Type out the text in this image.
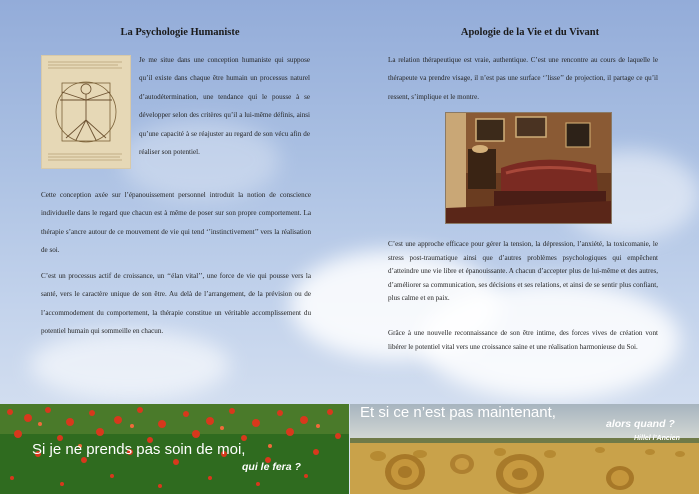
La Psychologie Humaniste

Je me situe dans une conception humaniste qui suppose qu’il existe dans chaque être humain un processus naturel d’autodétermination, une tendance qui le pousse à se développer selon des critères qu’il a lui-même définis, ainsi qu’une capacité à se réajuster au regard de son vécu afin de réaliser son potentiel.

Cette conception axée sur l’épanouissement personnel introduit la notion de conscience individuelle dans le regard que chacun est à même de poser sur son propre comportement. La thérapie s’ancre autour de ce mouvement de vie qui tend ‘’instinctivement’’ vers la réalisation de soi.

C’est un processus actif de croissance, un ‘‘élan vital’’, une force de vie qui pousse vers la santé, vers le caractère unique de son être. Au delà de l’arrangement, de la prévision ou de l’accommodement du comportement, la thérapie constitue un véritable accomplissement du potentiel humain qui sommeille en chacun.

Apologie de la Vie et du Vivant

La relation thérapeutique est vraie, authentique. C’est une rencontre au cours de laquelle le thérapeute va prendre visage, il n’est pas une surface ‘’lisse’’ de projection, il partage ce qu’il ressent, s’implique et le montre.

C’est une approche efficace pour gérer la tension, la dépression, l’anxiété, la toxicomanie, le stress post-traumatique ainsi que d’autres problèmes psychologiques qui empêchent d’atteindre une vie libre et épanouissante. A chacun d’accepter plus de lui-même et des autres, d’améliorer sa communication, ses décisions et ses relations, et ainsi de se sentir plus confiant, plus calme et en paix.

Grâce à une nouvelle reconnaissance de son être intime, des forces vives de création vont libérer le potentiel vital vers une croissance saine et une réalisation harmonieuse du Soi.

Si je ne prends pas soin de moi,
qui le fera ?
Et si ce n’est pas maintenant,
alors quand ?
Hillel l’Ancien
